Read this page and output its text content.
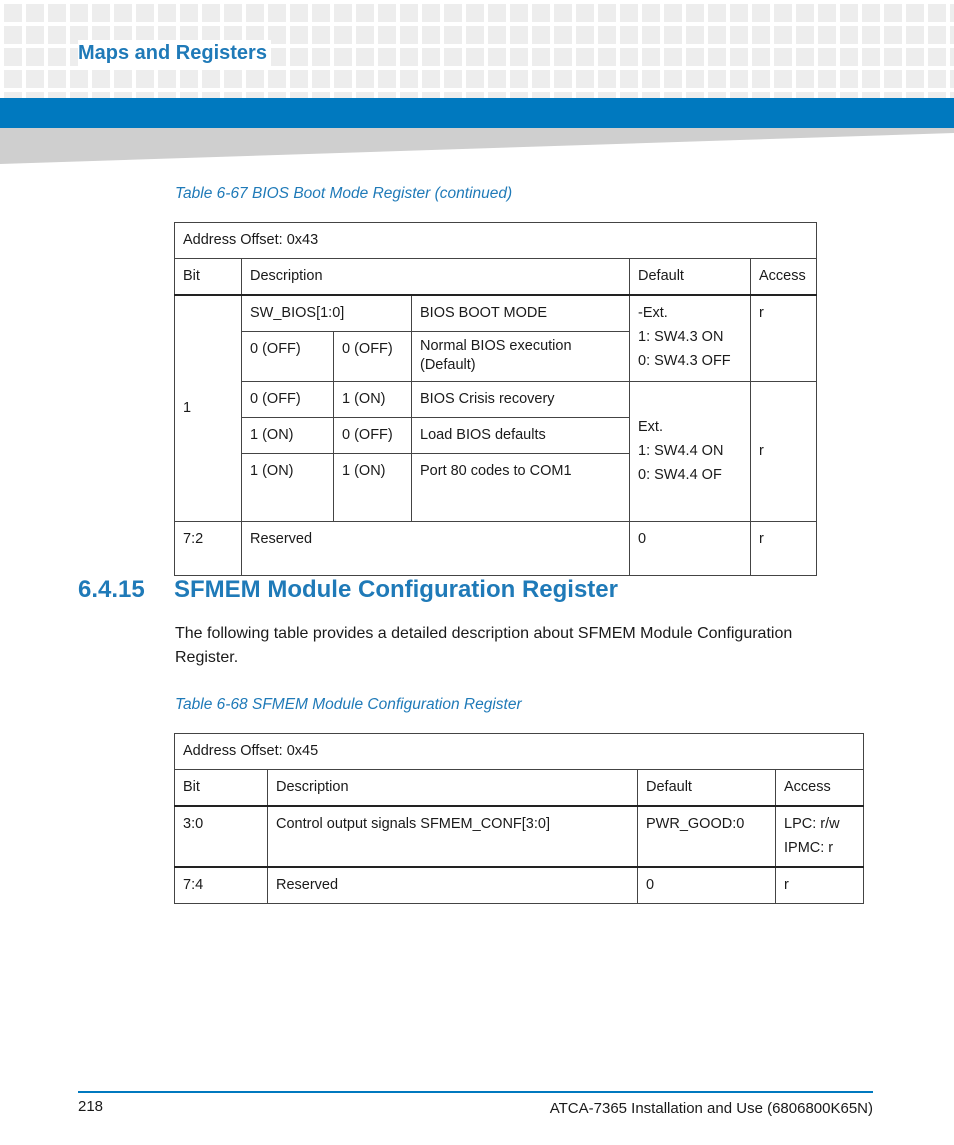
Maps and Registers

Table 6-67 BIOS Boot Mode Register (continued)

Address Offset: 0x43					
Bit	Description			Default	Access
1	SW_BIOS[1:0]		BIOS BOOT MODE	-Ext.
1: SW4.3 ON
0: SW4.3 OFF	r
	0 (OFF)	0 (OFF)	Normal BIOS execution (Default)		
	0 (OFF)	1 (ON)	BIOS Crisis recovery	Ext.
1: SW4.4 ON
0: SW4.4 OF	r
	1 (ON)	0 (OFF)	Load BIOS defaults		
	1 (ON)	1 (ON)	Port 80 codes to COM1		
7:2	Reserved			0	r
6.4.15 SFMEM Module Configuration Register

The following table provides a detailed description about SFMEM Module Configuration Register.

Table 6-68 SFMEM Module Configuration Register

Address Offset: 0x45			
Bit	Description	Default	Access
3:0	Control output signals SFMEM_CONF[3:0]	PWR_GOOD:0	LPC: r/w
IPMC: r

7:4	Reserved	0	r
218	ATCA-7365 Installation and Use (6806800K65N)
